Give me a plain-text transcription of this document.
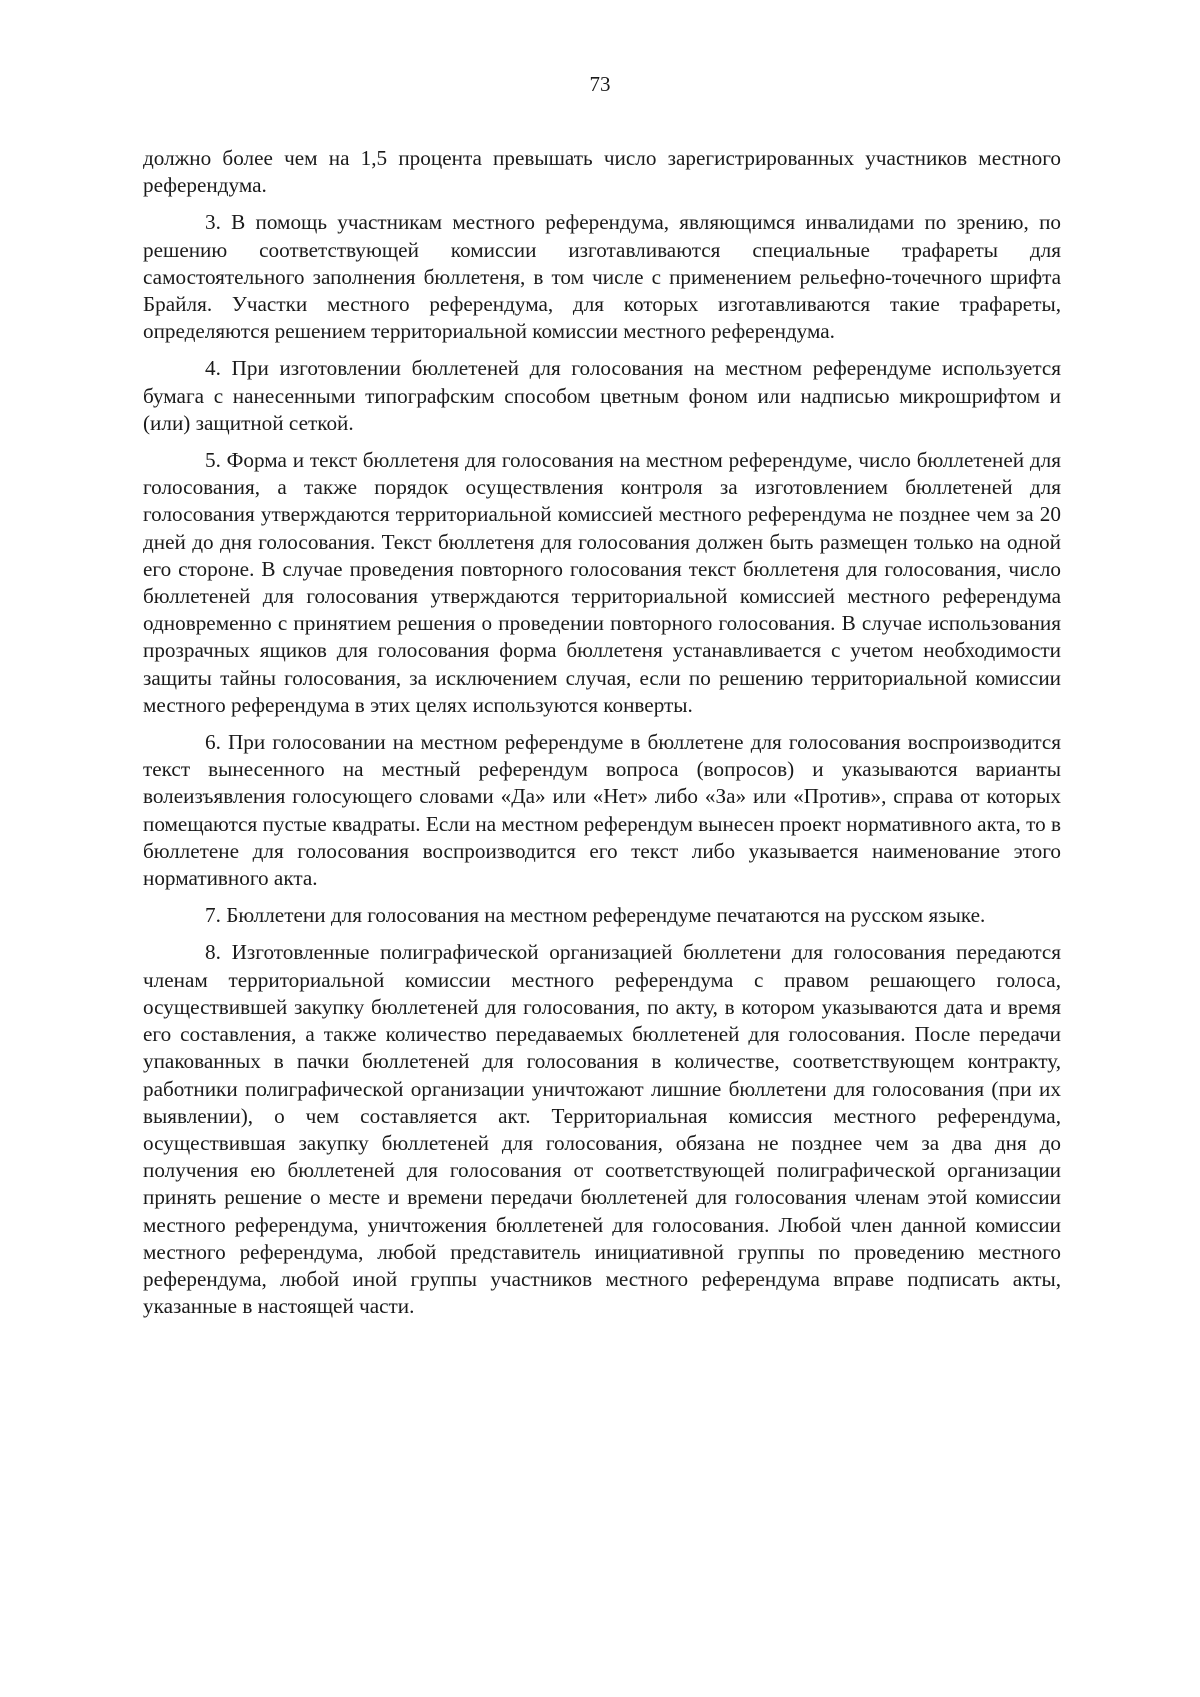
73

должно более чем на 1,5 процента превышать число зарегистрированных участников местного референдума.

3. В помощь участникам местного референдума, являющимся инвалидами по зрению, по решению соответствующей комиссии изготавливаются специальные трафареты для самостоятельного заполнения бюллетеня, в том числе с применением рельефно-точечного шрифта Брайля. Участки местного референдума, для которых изготавливаются такие трафареты, определяются решением территориальной комиссии местного референдума.

4. При изготовлении бюллетеней для голосования на местном референдуме используется бумага с нанесенными типографским способом цветным фоном или надписью микрошрифтом и (или) защитной сеткой.

5. Форма и текст бюллетеня для голосования на местном референдуме, число бюллетеней для голосования, а также порядок осуществления контроля за изготовлением бюллетеней для голосования утверждаются территориальной комиссией местного референдума не позднее чем за 20 дней до дня голосования. Текст бюллетеня для голосования должен быть размещен только на одной его стороне. В случае проведения повторного голосования текст бюллетеня для голосования, число бюллетеней для голосования утверждаются территориальной комиссией местного референдума одновременно с принятием решения о проведении повторного голосования. В случае использования прозрачных ящиков для голосования форма бюллетеня устанавливается с учетом необходимости защиты тайны голосования, за исключением случая, если по решению территориальной комиссии местного референдума в этих целях используются конверты.

6. При голосовании на местном референдуме в бюллетене для голосования воспроизводится текст вынесенного на местный референдум вопроса (вопросов) и указываются варианты волеизъявления голосующего словами «Да» или «Нет» либо «За» или «Против», справа от которых помещаются пустые квадраты. Если на местном референдум вынесен проект нормативного акта, то в бюллетене для голосования воспроизводится его текст либо указывается наименование этого нормативного акта.

7. Бюллетени для голосования на местном референдуме печатаются на русском языке.

8. Изготовленные полиграфической организацией бюллетени для голосования передаются членам территориальной комиссии местного референдума с правом решающего голоса, осуществившей закупку бюллетеней для голосования, по акту, в котором указываются дата и время его составления, а также количество передаваемых бюллетеней для голосования. После передачи упакованных в пачки бюллетеней для голосования в количестве, соответствующем контракту, работники полиграфической организации уничтожают лишние бюллетени для голосования (при их выявлении), о чем составляется акт. Территориальная комиссия местного референдума, осуществившая закупку бюллетеней для голосования, обязана не позднее чем за два дня до получения ею бюллетеней для голосования от соответствующей полиграфической организации принять решение о месте и времени передачи бюллетеней для голосования членам этой комиссии местного референдума, уничтожения бюллетеней для голосования. Любой член данной комиссии местного референдума, любой представитель инициативной группы по проведению местного референдума, любой иной группы участников местного референдума вправе подписать акты, указанные в настоящей части.
